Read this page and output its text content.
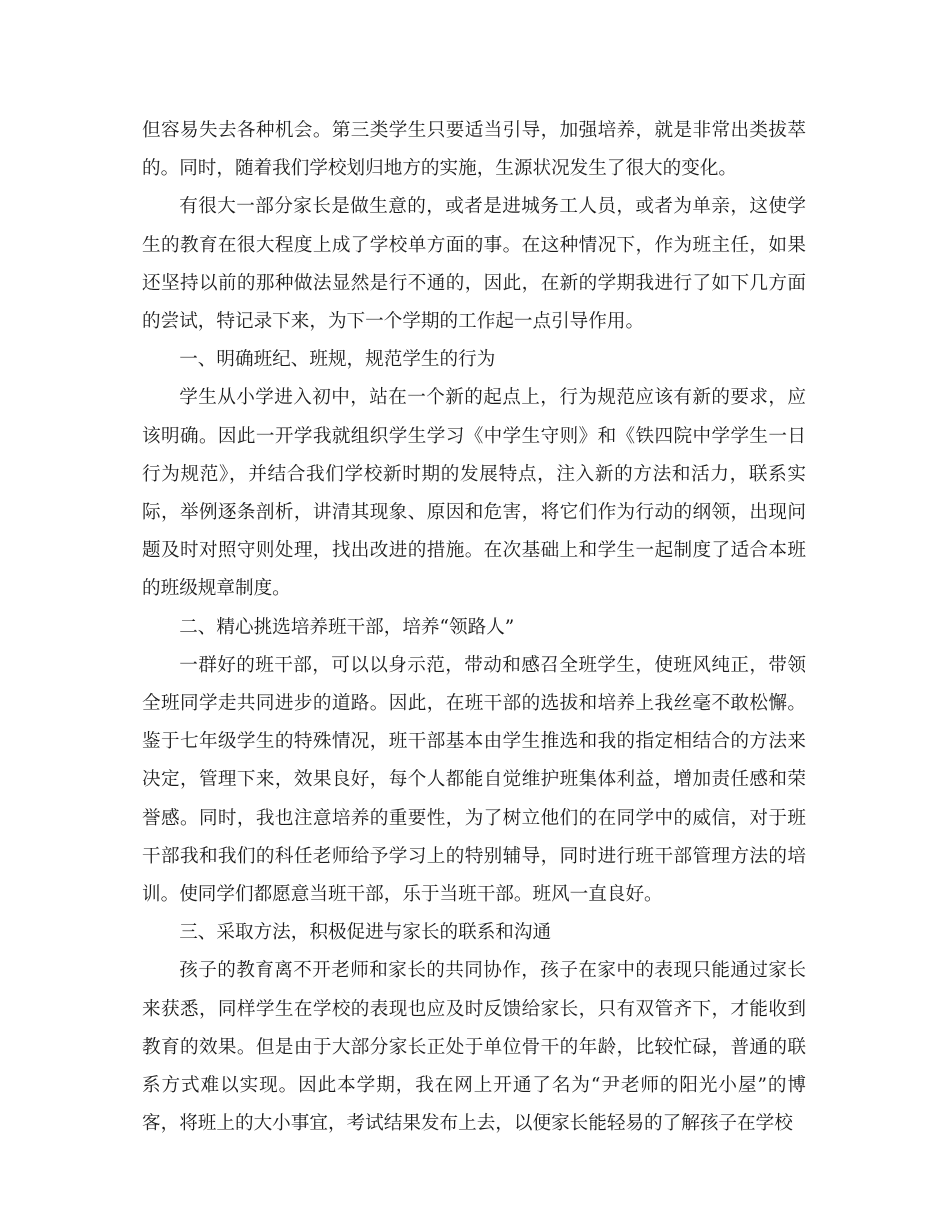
但容易失去各种机会。第三类学生只要适当引导，加强培养，就是非常出类拔萃的。同时，随着我们学校划归地方的实施，生源状况发生了很大的变化。

有很大一部分家长是做生意的，或者是进城务工人员，或者为单亲，这使学生的教育在很大程度上成了学校单方面的事。在这种情况下，作为班主任，如果还坚持以前的那种做法显然是行不通的，因此，在新的学期我进行了如下几方面的尝试，特记录下来，为下一个学期的工作起一点引导作用。

一、明确班纪、班规，规范学生的行为

学生从小学进入初中，站在一个新的起点上，行为规范应该有新的要求，应该明确。因此一开学我就组织学生学习《中学生守则》和《铁四院中学学生一日行为规范》，并结合我们学校新时期的发展特点，注入新的方法和活力，联系实际，举例逐条剖析，讲清其现象、原因和危害，将它们作为行动的纲领，出现问题及时对照守则处理，找出改进的措施。在次基础上和学生一起制度了适合本班的班级规章制度。

二、精心挑选培养班干部，培养“领路人”

一群好的班干部，可以以身示范，带动和感召全班学生，使班风纯正，带领全班同学走共同进步的道路。因此，在班干部的选拔和培养上我丝毫不敢松懈。鉴于七年级学生的特殊情况，班干部基本由学生推选和我的指定相结合的方法来决定，管理下来，效果良好，每个人都能自觉维护班集体利益，增加责任感和荣誉感。同时，我也注意培养的重要性，为了树立他们的在同学中的威信，对于班干部我和我们的科任老师给予学习上的特别辅导，同时进行班干部管理方法的培训。使同学们都愿意当班干部，乐于当班干部。班风一直良好。

三、采取方法，积极促进与家长的联系和沟通

孩子的教育离不开老师和家长的共同协作，孩子在家中的表现只能通过家长来获悉，同样学生在学校的表现也应及时反馈给家长，只有双管齐下，才能收到教育的效果。但是由于大部分家长正处于单位骨干的年龄，比较忙碌，普通的联系方式难以实现。因此本学期，我在网上开通了名为“尹老师的阳光小屋”的博客，将班上的大小事宜，考试结果发布上去，以便家长能轻易的了解孩子在学校
